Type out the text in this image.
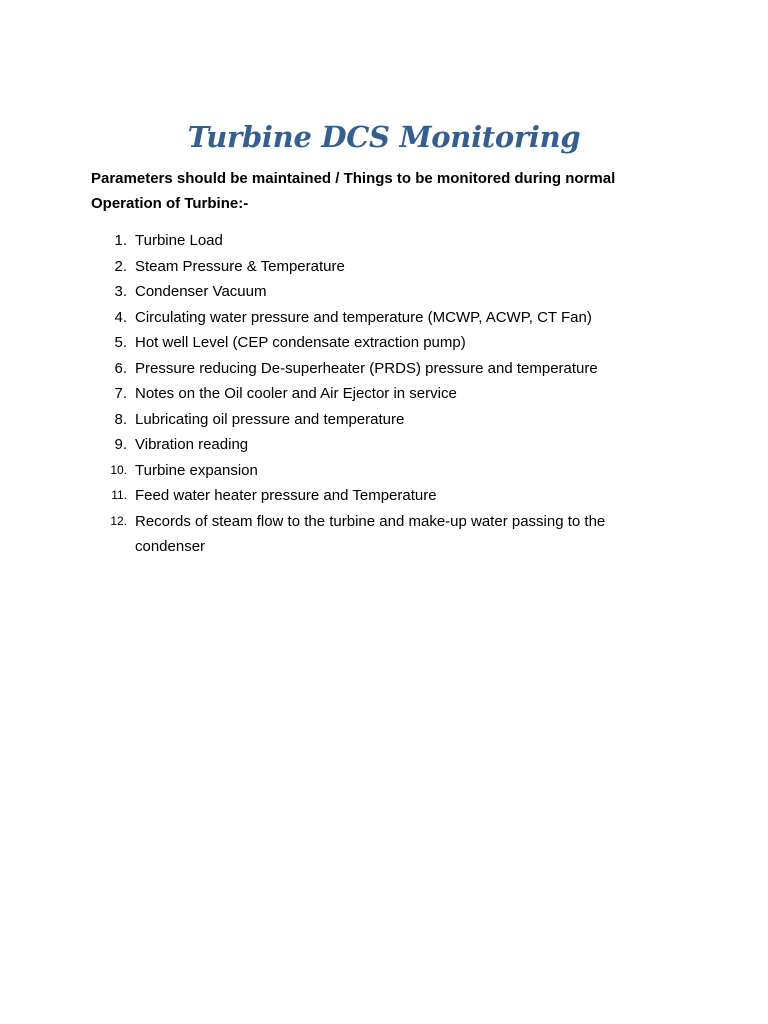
Turbine DCS Monitoring

Parameters should be maintained / Things to be monitored during normal Operation of Turbine:-

1. Turbine Load
2. Steam Pressure & Temperature
3. Condenser Vacuum
4. Circulating water pressure and temperature (MCWP, ACWP, CT Fan)
5. Hot well Level (CEP condensate extraction pump)
6. Pressure reducing De-superheater (PRDS) pressure and temperature
7. Notes on the Oil cooler and Air Ejector in service
8. Lubricating oil pressure and temperature
9. Vibration reading
10. Turbine expansion
11. Feed water heater pressure and Temperature
12. Records of steam flow to the turbine and make-up water passing to the condenser
